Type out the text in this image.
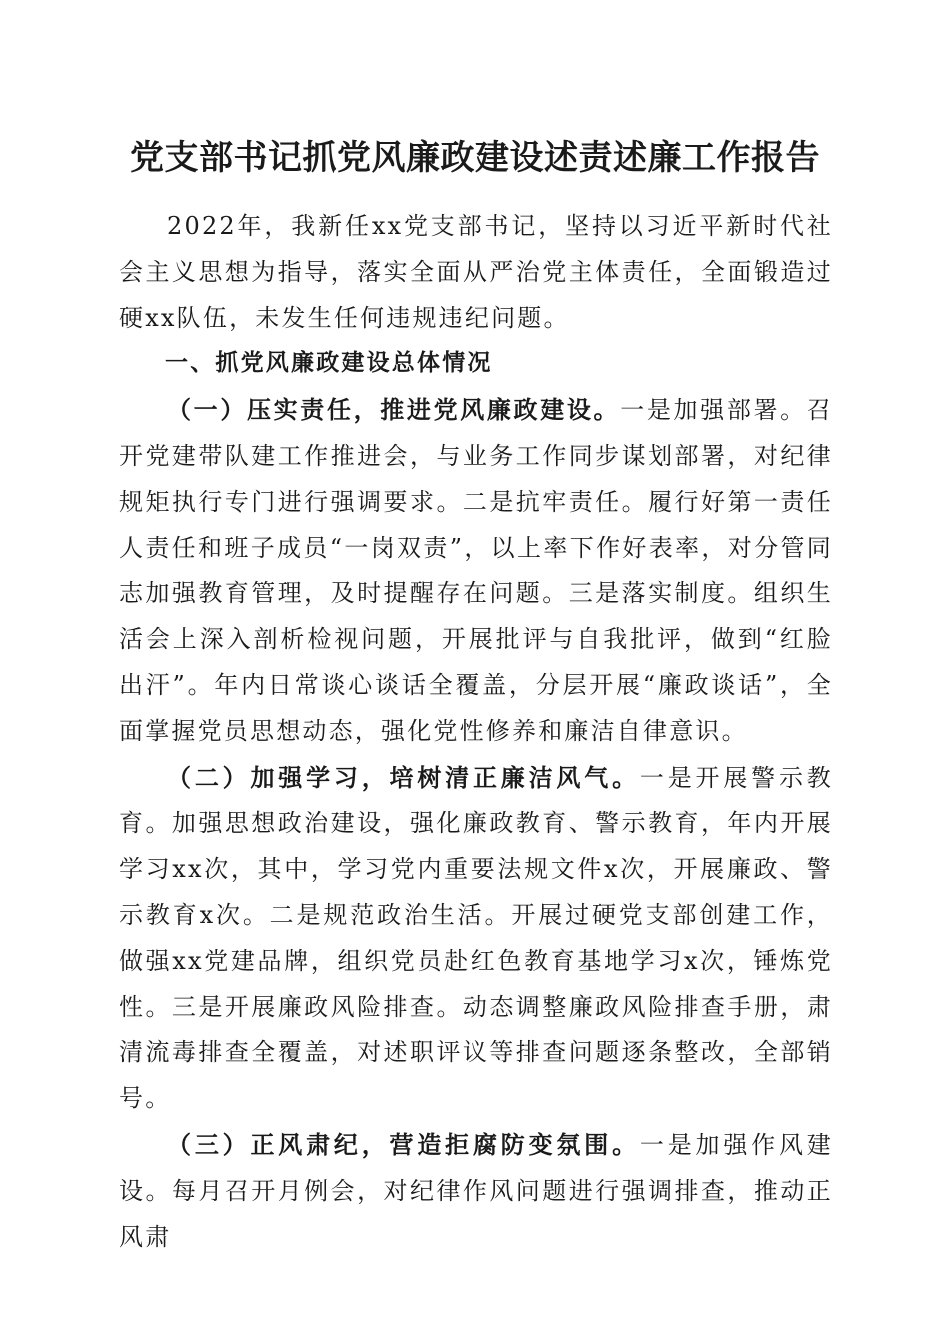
党支部书记抓党风廉政建设述责述廉工作报告

2022年，我新任xx党支部书记，坚持以习近平新时代社会主义思想为指导，落实全面从严治党主体责任，全面锻造过硬xx队伍，未发生任何违规违纪问题。

一、抓党风廉政建设总体情况

（一）压实责任，推进党风廉政建设。一是加强部署。召开党建带队建工作推进会，与业务工作同步谋划部署，对纪律规矩执行专门进行强调要求。二是抗牢责任。履行好第一责任人责任和班子成员“一岗双责”，以上率下作好表率，对分管同志加强教育管理，及时提醒存在问题。三是落实制度。组织生活会上深入剖析检视问题，开展批评与自我批评，做到“红脸出汗”。年内日常谈心谈话全覆盖，分层开展“廉政谈话”，全面掌握党员思想动态，强化党性修养和廉洁自律意识。

（二）加强学习，培树清正廉洁风气。一是开展警示教育。加强思想政治建设，强化廉政教育、警示教育，年内开展学习xx次，其中，学习党内重要法规文件x次，开展廉政、警示教育x次。二是规范政治生活。开展过硬党支部创建工作，做强xx党建品牌，组织党员赴红色教育基地学习x次，锤炼党性。三是开展廉政风险排查。动态调整廉政风险排查手册，肃清流毒排查全覆盖，对述职评议等排查问题逐条整改，全部销号。

（三）正风肃纪，营造拒腐防变氛围。一是加强作风建设。每月召开月例会，对纪律作风问题进行强调排查，推动正风肃
